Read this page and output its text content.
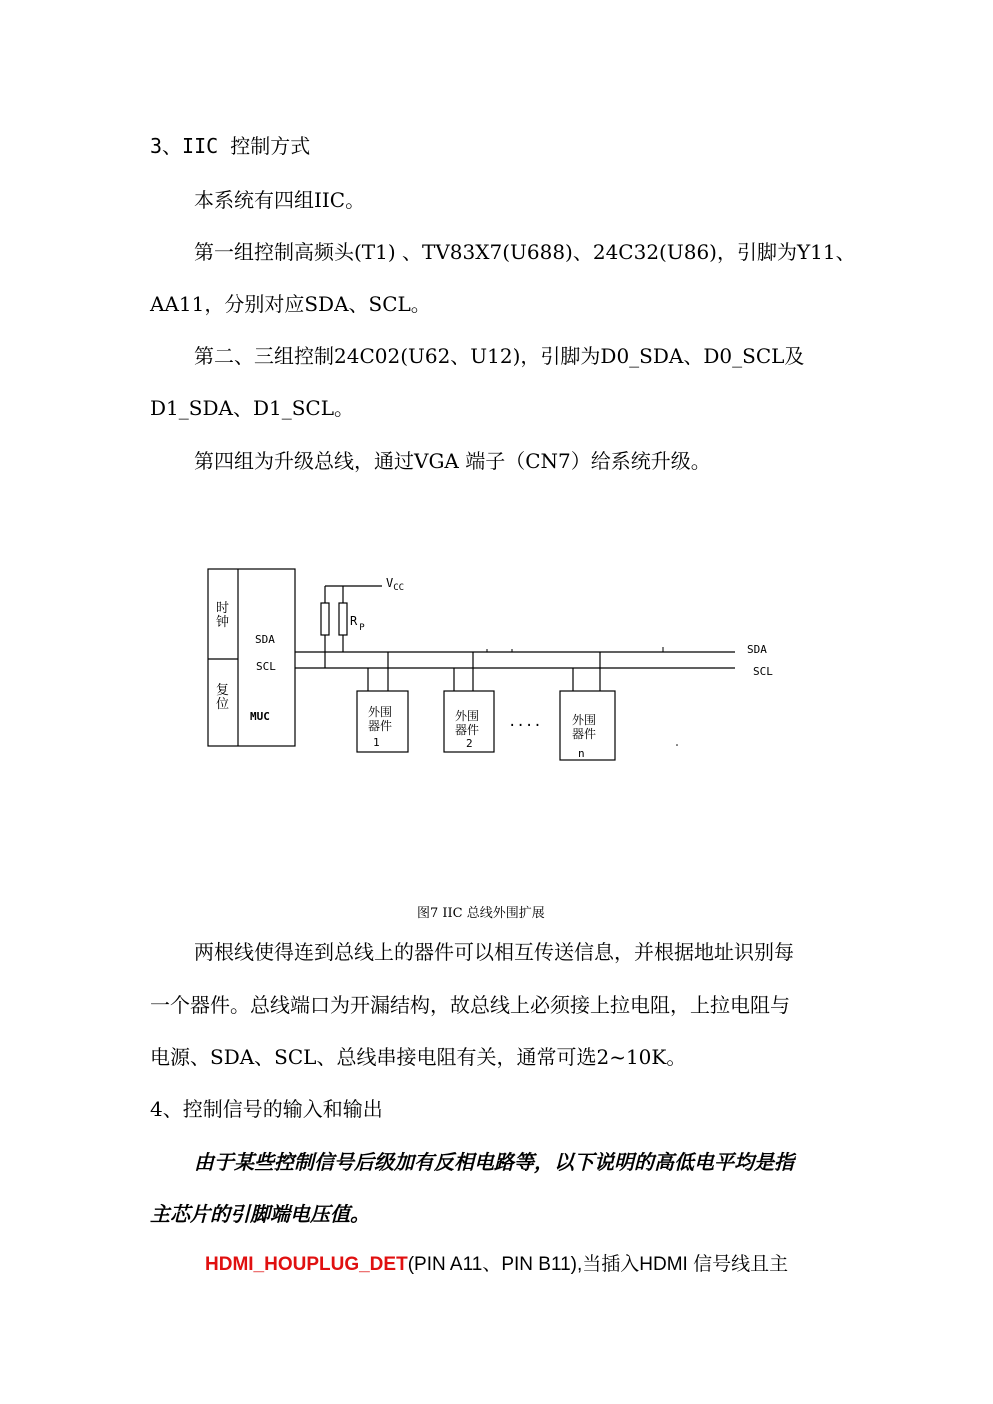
3、IIC 控制方式
本系统有四组IIC。
第一组控制高频头(T1) 、TV83X7(U688)、24C32(U86)，引脚为Y11、
AA11，分别对应SDA、SCL。
第二、三组控制24C02(U62、U12)，引脚为D0_SDA、D0_SCL及
D1_SDA、D1_SCL。
第四组为升级总线，通过VGA 端子（CN7）给系统升级。
时
钟
复
位
SDA
SCL
MUC
$V_{CC}$
R $_P$
SDA
SCL
外围
器件
1
外围
器件
2
....	外围
器件
n
图7 IIC 总线外围扩展
两根线使得连到总线上的器件可以相互传送信息，并根据地址识别每
一个器件。总线端口为开漏结构，故总线上必须接上拉电阻，上拉电阻与
电源、SDA、SCL、总线串接电阻有关，通常可选2~10K。
4、控制信号的输入和输出
由于某些控制信号后级加有反相电路等，以下说明的高低电平均是指
主芯片的引脚端电压值。
HDMI_HOUPLUG_DET(PIN A11、PIN B11),当插入HDMI 信号线且主
